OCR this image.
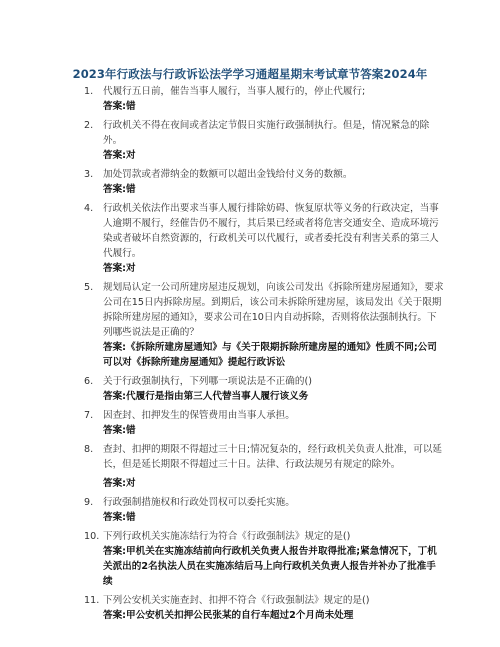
2023年行政法与行政诉讼法学学习通超星期末考试章节答案2024年
1.	代履行五日前，催告当事人履行，当事人履行的，停止代履行;
答案:错
2.	行政机关不得在夜间或者法定节假日实施行政强制执行。但是，情况紧急的除外。
答案:对
3.	加处罚款或者滞纳金的数额可以超出金钱给付义务的数额。
答案:错
4.	行政机关依法作出要求当事人履行排除妨碍、恢复原状等义务的行政决定，当事人逾期不履行，经催告仍不履行，其后果已经或者将危害交通安全、造成环境污染或者破坏自然资源的，行政机关可以代履行，或者委托没有利害关系的第三人代履行。
答案:对
5.	规划局认定一公司所建房屋违反规划，向该公司发出《拆除所建房屋通知》，要求公司在15日内拆除房屋。到期后，该公司未拆除所建房屋，该局发出《关于限期拆除所建房屋的通知》，要求公司在10日内自动拆除，否则将依法强制执行。下列哪些说法是正确的？
答案:《拆除所建房屋通知》与《关于限期拆除所建房屋的通知》性质不同;公司可以对《拆除所建房屋通知》提起行政诉讼
6.	关于行政强制执行，下列哪一项说法是不正确的()
答案:代履行是指由第三人代替当事人履行该义务
7.	因查封、扣押发生的保管费用由当事人承担。
答案:错
8.	查封、扣押的期限不得超过三十日;情况复杂的，经行政机关负责人批准，可以延长，但是延长期限不得超过三十日。法律、行政法规另有规定的除外。
答案:对
9.	行政强制措施权和行政处罚权可以委托实施。
答案:错
10. 下列行政机关实施冻结行为符合《行政强制法》规定的是()
答案:甲机关在实施冻结前向行政机关负责人报告并取得批准;紧急情况下，丁机关派出的2名执法人员在实施冻结后马上向行政机关负责人报告并补办了批准手续
11. 下列公安机关实施查封、扣押不符合《行政强制法》规定的是()
答案:甲公安机关扣押公民张某的自行车超过2个月尚未处理
